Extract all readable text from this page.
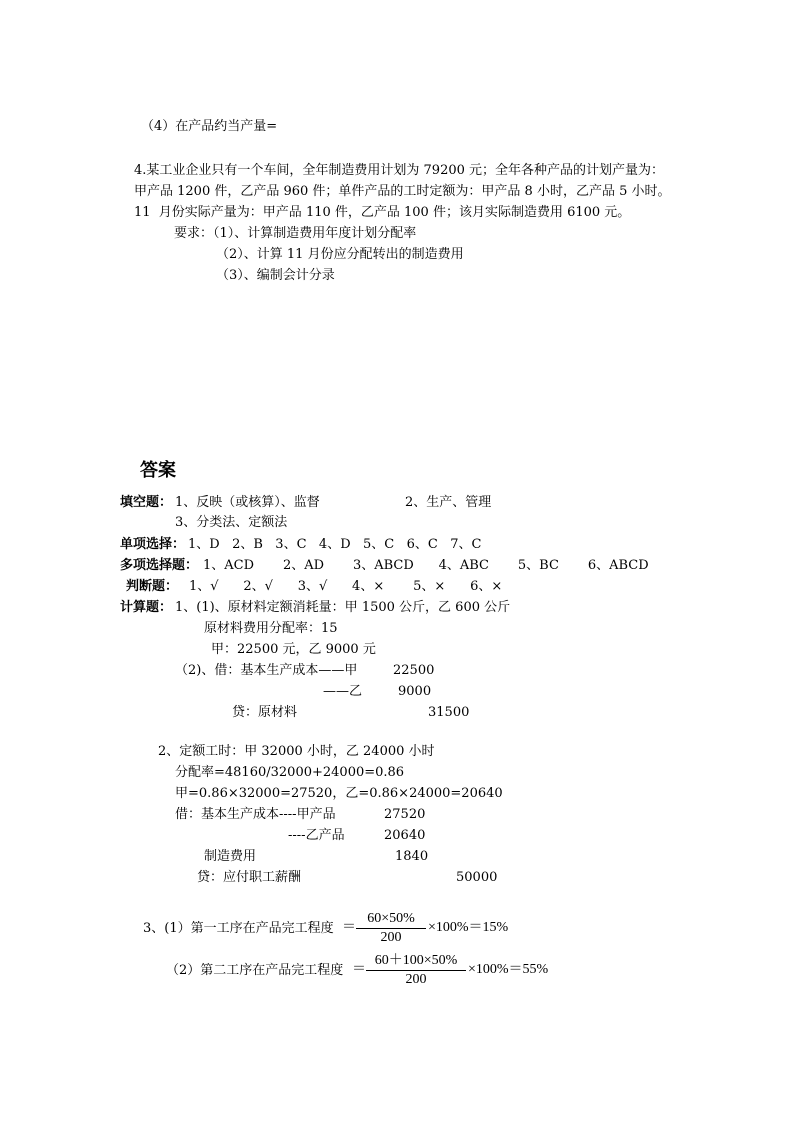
（4）在产品约当产量=
4.某工业企业只有一个车间，全年制造费用计划为 79200 元；全年各种产品的计划产量为：
甲产品 1200 件，乙产品 960 件；单件产品的工时定额为：甲产品 8 小时，乙产品 5 小时。
11  月份实际产量为：甲产品 110 件，乙产品 100 件；该月实际制造费用 6100 元。
要求：（1）、计算制造费用年度计划分配率
（2）、计算 11 月份应分配转出的制造费用
（3）、编制会计分录
答案
填空题： 1、反映（或核算）、监督	2、生产、管理
3、分类法、定额法
单项选择： 1、D   2、B   3、C   4、D   5、C   6、C   7、C
多项选择题： 1、ACD       2、AD       3、ABCD      4、ABC       5、BC       6、ABCD
判断题： 1、√      2、√      3、√      4、×       5、×      6、×
计算题： 1、(1)、原材料定额消耗量：甲 1500 公斤，乙 600 公斤
原材料费用分配率：15
甲：22500 元，乙 9000 元
（2)、借：基本生产成本——甲	22500
——乙	9000
贷：原材料	31500
2、定额工时：甲 32000 小时，乙 24000 小时
分配率=48160/32000+24000=0.86
甲=0.86×32000=27520，乙=0.86×24000=20640
借：基本生产成本----甲产品	27520
----乙产品	20640
制造费用	1840
贷：应付职工薪酬	50000
3、(1）第一工序在产品完工程度 ＝ $\frac{60\times 50\%}{200} \times 100\%=15\%$
（2）第二工序在产品完工程度 ＝ $\frac{60+100\times 50\%}{200} \times 100\%=55\%$
